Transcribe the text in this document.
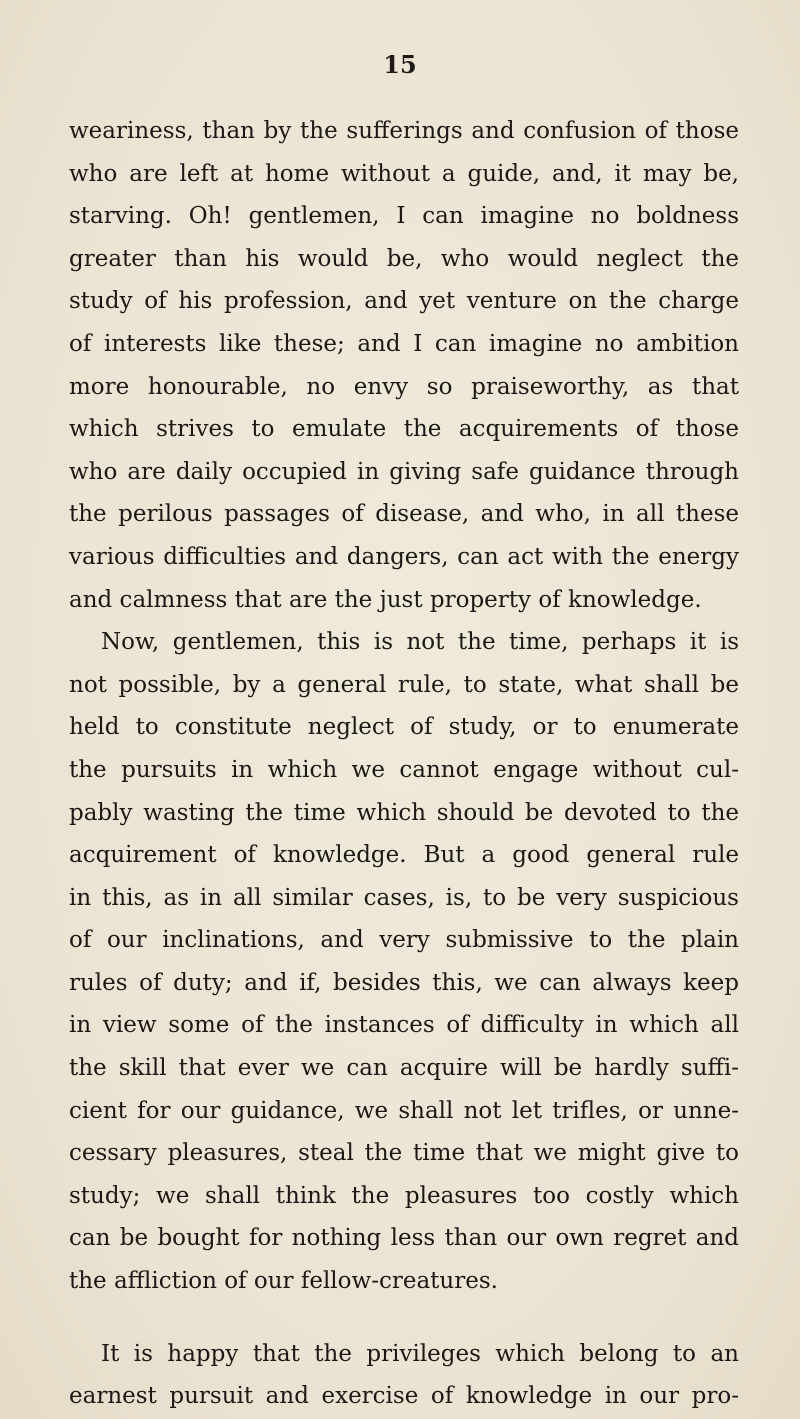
15
weariness, than by the sufferings and confusion of those
who are left at home without a guide, and, it may be,
starving. Oh! gentlemen, I can imagine no boldness
greater than his would be, who would neglect the
study of his profession, and yet venture on the charge
of interests like these; and I can imagine no ambition
more honourable, no envy so praiseworthy, as that
which strives to emulate the acquirements of those
who are daily occupied in giving safe guidance through
the perilous passages of disease, and who, in all these
various difficulties and dangers, can act with the energy
and calmness that are the just property of knowledge.
Now, gentlemen, this is not the time, perhaps it is
not possible, by a general rule, to state, what shall be
held to constitute neglect of study, or to enumerate
the pursuits in which we cannot engage without cul-
pably wasting the time which should be devoted to the
acquirement of knowledge. But a good general rule
in this, as in all similar cases, is, to be very suspicious
of our inclinations, and very submissive to the plain
rules of duty; and if, besides this, we can always keep
in view some of the instances of difficulty in which all
the skill that ever we can acquire will be hardly suffi-
cient for our guidance, we shall not let trifles, or unne-
cessary pleasures, steal the time that we might give to
study; we shall think the pleasures too costly which
can be bought for nothing less than our own regret and
the affliction of our fellow-creatures.
It is happy that the privileges which belong to an
earnest pursuit and exercise of knowledge in our pro-
